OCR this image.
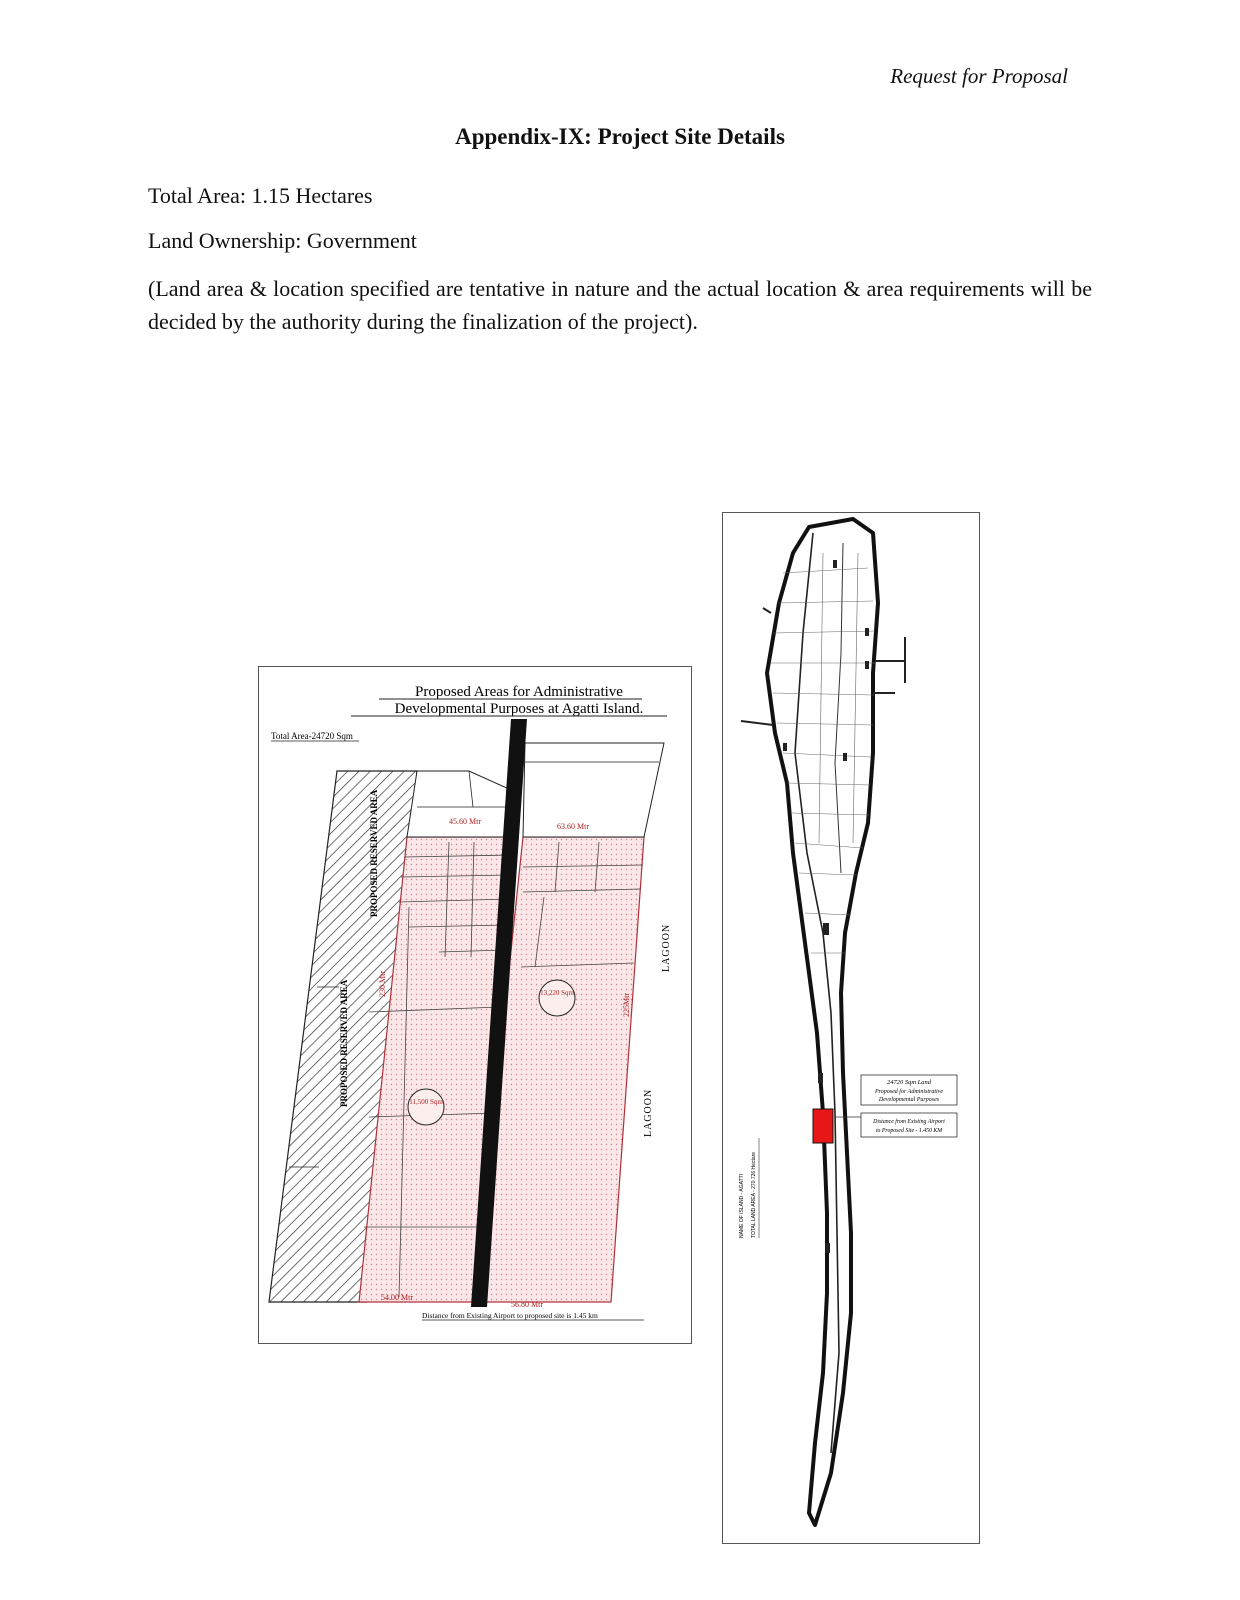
Request for Proposal
Appendix-IX: Project Site Details
Total Area: 1.15 Hectares
Land Ownership: Government
(Land area & location specified are tentative in nature and the actual location & area requirements will be decided by the authority during the finalization of the project).
Proposed Areas for Administrative
Developmental Purposes at Agatti Island.
Total Area-24720 Sqm
PROPOSED RESERVED AREA
PROPOSED RESERVED AREA	13,220 Sqm
11,500 Sqm
45.60 Mtr
63.60 Mtr
230 Mtr
225Mtr
54.00 Mtr
56.80 Mtr
Distance from Existing Airport to proposed site is 1.45 km
LAGOON
LAGOON
24720 Sqm Land
Proposed for Administrative
Developmental Purposes
Distance from Existing Airport
to Proposed Site - 1.450 KM
NAME OF ISLAND - AGATTI TOTAL LAND AREA - 270.726 Hectare
